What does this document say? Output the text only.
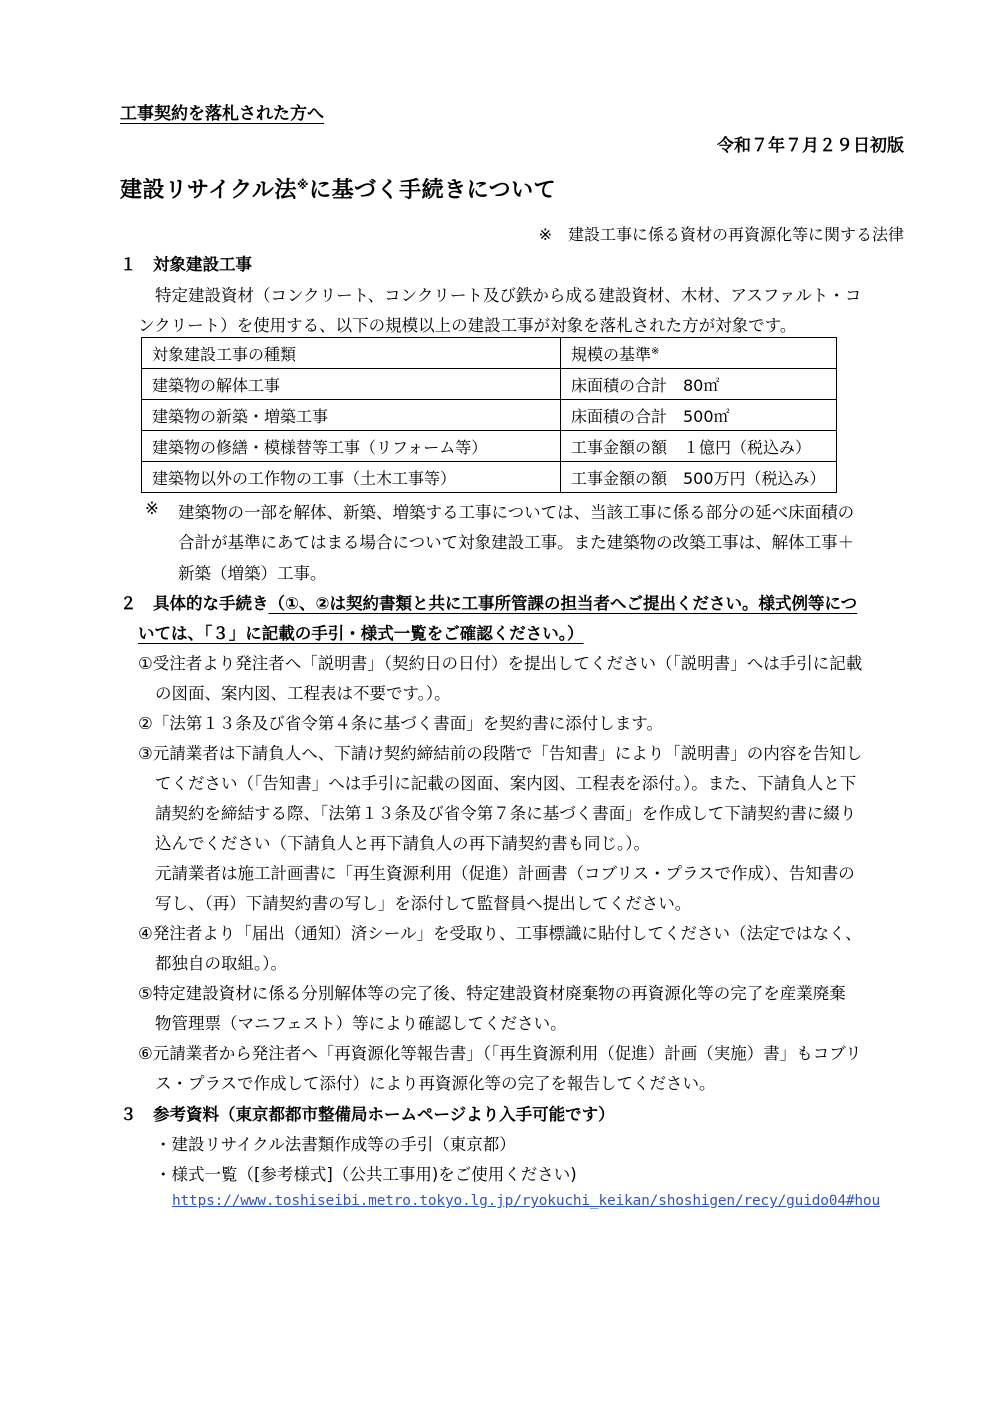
工事契約を落札された方へ
令和７年７月２９日初版
建設リサイクル法※に基づく手続きについて
※　建設工事に係る資材の再資源化等に関する法律
１　対象建設工事
特定建設資材（コンクリート、コンクリート及び鉄から成る建設資材、木材、アスファルト・コ
ンクリート）を使用する、以下の規模以上の建設工事が対象を落札された方が対象です。
対象建設工事の種類	規模の基準※
建築物の解体工事	床面積の合計　80㎡
建築物の新築・増築工事	床面積の合計　500㎡
建築物の修繕・模様替等工事（リフォーム等）	工事金額の額　１億円（税込み）
建築物以外の工作物の工事（土木工事等）	工事金額の額　500万円（税込み）
※ 建築物の一部を解体、新築、増築する工事については、当該工事に係る部分の延べ床面積の
合計が基準にあてはまる場合について対象建設工事。また建築物の改築工事は、解体工事＋
新築（増築）工事。
２　具体的な手続き（①、②は契約書類と共に工事所管課の担当者へご提出ください。様式例等につ
いては、「３」に記載の手引・様式一覧をご確認ください。）
①受注者より発注者へ「説明書」（契約日の日付）を提出してください（「説明書」へは手引に記載
の図面、案内図、工程表は不要です。）。
②「法第１３条及び省令第４条に基づく書面」を契約書に添付します。
③元請業者は下請負人へ、下請け契約締結前の段階で「告知書」により「説明書」の内容を告知し
てください（「告知書」へは手引に記載の図面、案内図、工程表を添付。）。また、下請負人と下
請契約を締結する際、「法第１３条及び省令第７条に基づく書面」を作成して下請契約書に綴り
込んでください（下請負人と再下請負人の再下請契約書も同じ。）。
元請業者は施工計画書に「再生資源利用（促進）計画書（コブリス・プラスで作成）、告知書の
写し、（再）下請契約書の写し」を添付して監督員へ提出してください。
④発注者より「届出（通知）済シール」を受取り、工事標識に貼付してください（法定ではなく、
都独自の取組。）。
⑤特定建設資材に係る分別解体等の完了後、特定建設資材廃棄物の再資源化等の完了を産業廃棄
物管理票（マニフェスト）等により確認してください。
⑥元請業者から発注者へ「再資源化等報告書」（「再生資源利用（促進）計画（実施）書」もコブリ
ス・プラスで作成して添付）により再資源化等の完了を報告してください。
３　参考資料（東京都都市整備局ホームページより入手可能です）
・建設リサイクル法書類作成等の手引（東京都）
・様式一覧（[参考様式]（公共工事用)をご使用ください)
https://www.toshiseibi.metro.tokyo.lg.jp/ryokuchi_keikan/shoshigen/recy/guido04#hou
